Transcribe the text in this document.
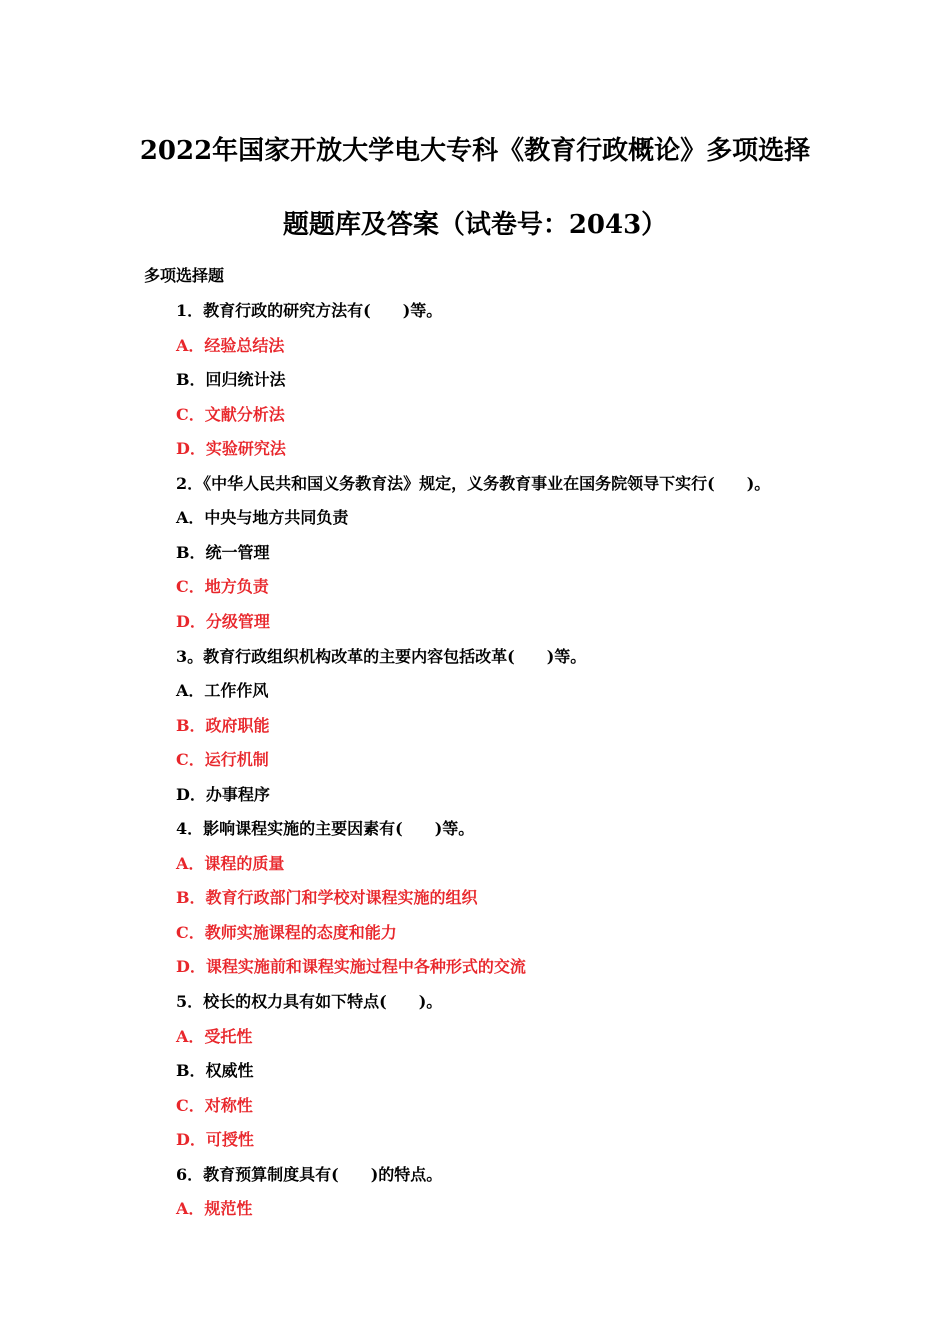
2022年国家开放大学电大专科《教育行政概论》多项选择
题题库及答案（试卷号：2043）
多项选择题
1．教育行政的研究方法有(　　)等。
A．经验总结法
B．回归统计法
C．文献分析法
D．实验研究法
2．《中华人民共和国义务教育法》规定，义务教育事业在国务院领导下实行(　　)。
A．中央与地方共同负责
B．统一管理
C．地方负责
D．分级管理
3。教育行政组织机构改革的主要内容包括改革(　　)等。
A．工作作风
B．政府职能
C．运行机制
D．办事程序
4．影响课程实施的主要因素有(　　)等。
A．课程的质量
B．教育行政部门和学校对课程实施的组织
C．教师实施课程的态度和能力
D．课程实施前和课程实施过程中各种形式的交流
5．校长的权力具有如下特点(　　)。
A．受托性
B．权威性
C．对称性
D．可授性
6．教育预算制度具有(　　)的特点。
A．规范性
